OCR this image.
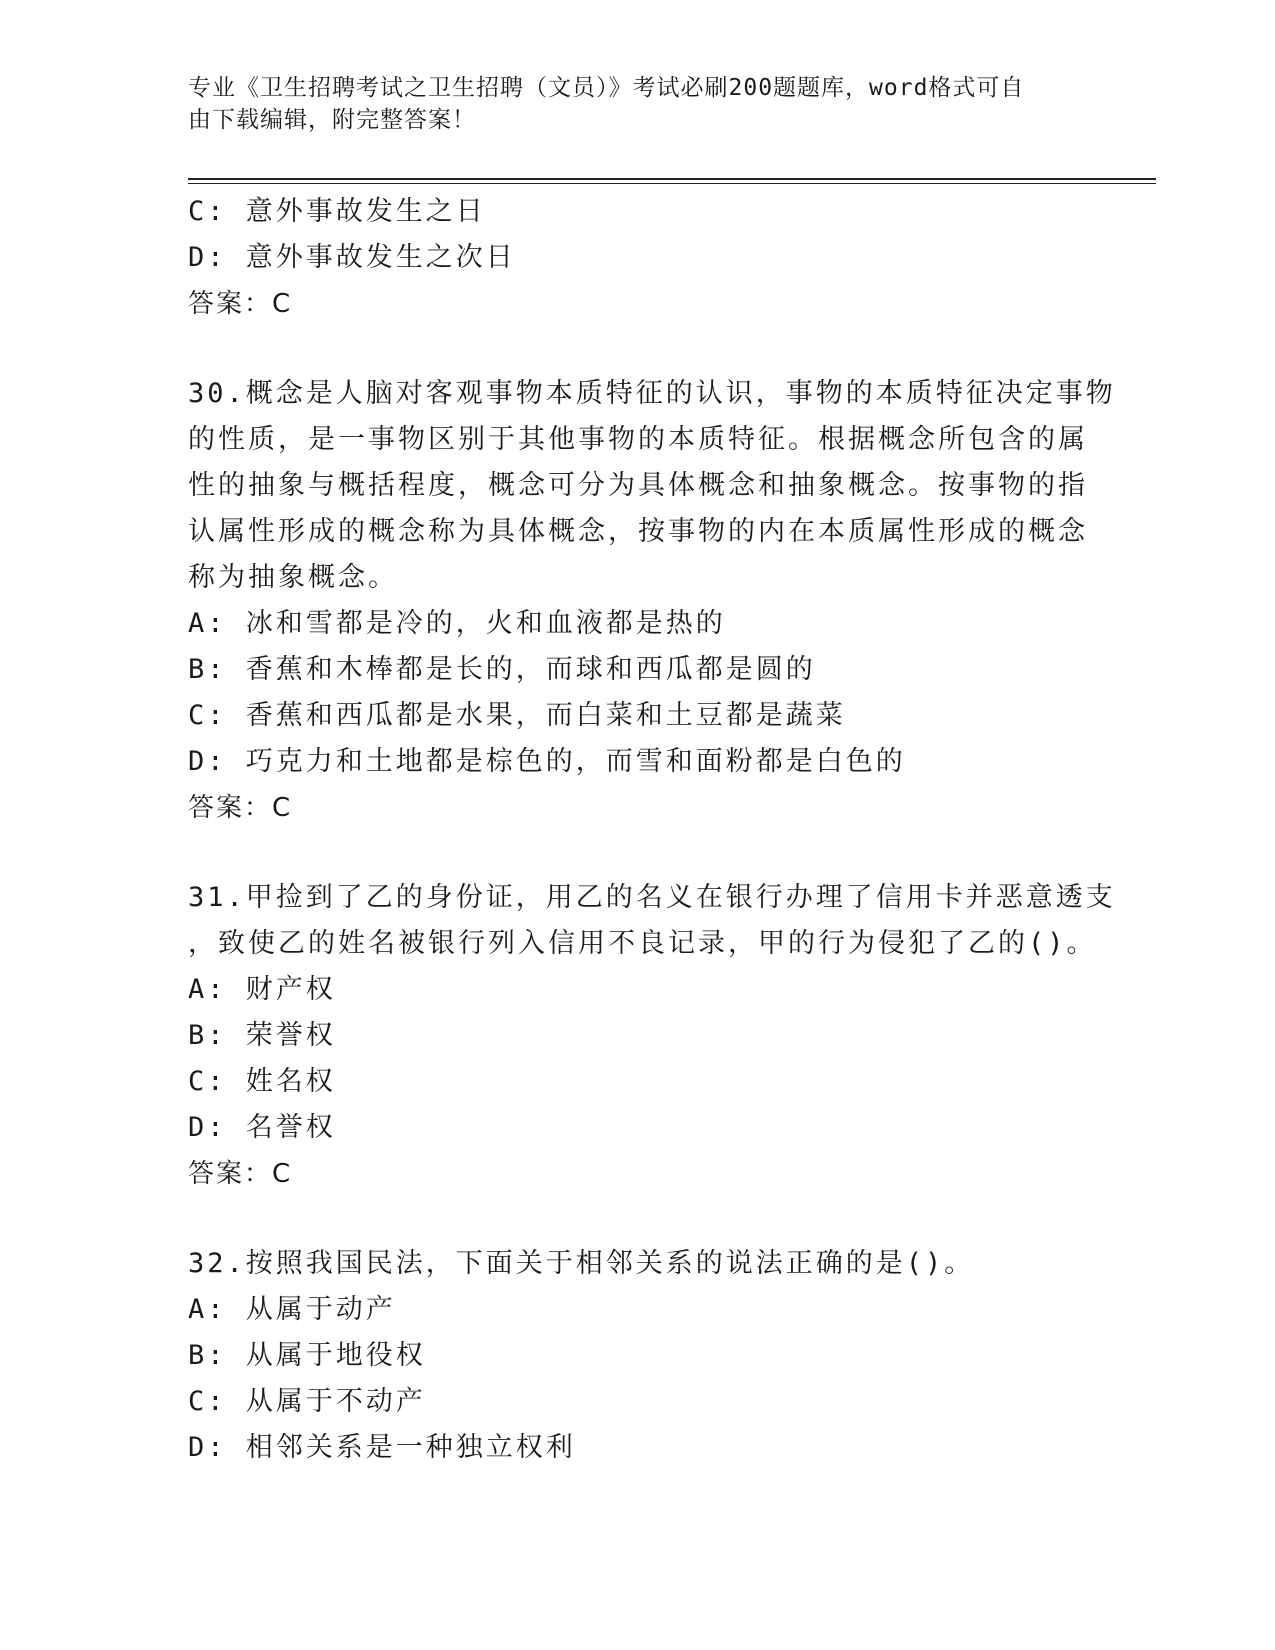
专业《卫生招聘考试之卫生招聘（文员）》考试必刷200题题库，word格式可自
由下载编辑，附完整答案！
C: 意外事故发生之日
D: 意外事故发生之次日
答案：C
30.概念是人脑对客观事物本质特征的认识，事物的本质特征决定事物
的性质，是一事物区别于其他事物的本质特征。根据概念所包含的属
性的抽象与概括程度，概念可分为具体概念和抽象概念。按事物的指
认属性形成的概念称为具体概念，按事物的内在本质属性形成的概念
称为抽象概念。
A: 冰和雪都是冷的，火和血液都是热的
B: 香蕉和木棒都是长的，而球和西瓜都是圆的
C: 香蕉和西瓜都是水果，而白菜和土豆都是蔬菜
D: 巧克力和土地都是棕色的，而雪和面粉都是白色的
答案：C
31.甲捡到了乙的身份证，用乙的名义在银行办理了信用卡并恶意透支
，致使乙的姓名被银行列入信用不良记录，甲的行为侵犯了乙的()。
A: 财产权
B: 荣誉权
C: 姓名权
D: 名誉权
答案：C
32.按照我国民法，下面关于相邻关系的说法正确的是()。
A: 从属于动产
B: 从属于地役权
C: 从属于不动产
D: 相邻关系是一种独立权利
